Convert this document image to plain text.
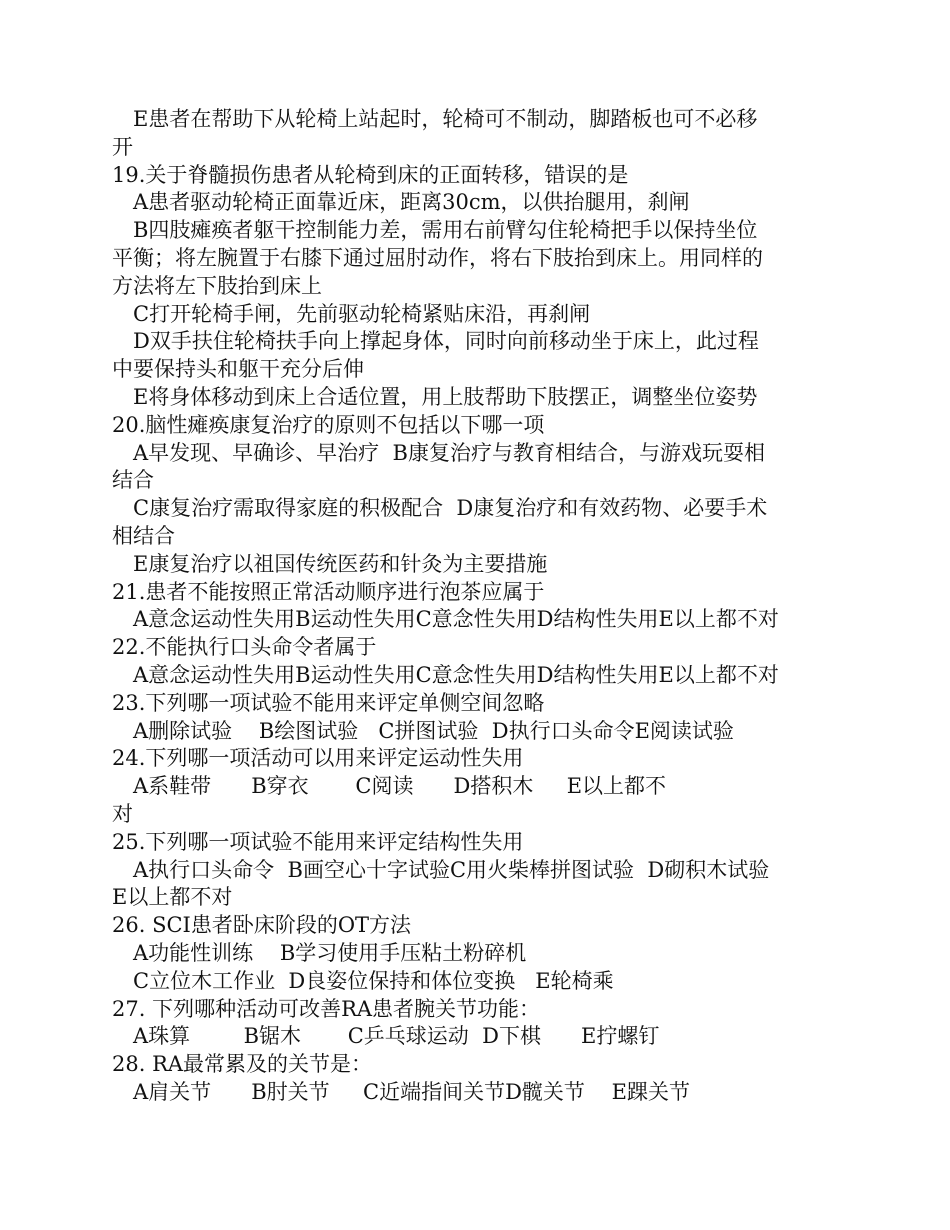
E患者在帮助下从轮椅上站起时，轮椅可不制动，脚踏板也可不必移
开
19.关于脊髓损伤患者从轮椅到床的正面转移，错误的是
A患者驱动轮椅正面靠近床，距离30cm，以供抬腿用，刹闸
B四肢瘫痪者躯干控制能力差，需用右前臂勾住轮椅把手以保持坐位
平衡；将左腕置于右膝下通过屈肘动作，将右下肢抬到床上。用同样的
方法将左下肢抬到床上
C打开轮椅手闸，先前驱动轮椅紧贴床沿，再刹闸
D双手扶住轮椅扶手向上撑起身体，同时向前移动坐于床上，此过程
中要保持头和躯干充分后伸
E将身体移动到床上合适位置，用上肢帮助下肢摆正，调整坐位姿势
20.脑性瘫痪康复治疗的原则不包括以下哪一项
A早发现、早确诊、早治疗  B康复治疗与教育相结合，与游戏玩耍相
结合
C康复治疗需取得家庭的积极配合  D康复治疗和有效药物、必要手术
相结合
E康复治疗以祖国传统医药和针灸为主要措施
21.患者不能按照正常活动顺序进行泡茶应属于
A意念运动性失用B运动性失用C意念性失用D结构性失用E以上都不对
22.不能执行口头命令者属于
A意念运动性失用B运动性失用C意念性失用D结构性失用E以上都不对
23.下列哪一项试验不能用来评定单侧空间忽略
A删除试验    B绘图试验   C拼图试验  D执行口头命令E阅读试验
24.下列哪一项活动可以用来评定运动性失用
A系鞋带      B穿衣       C阅读      D搭积木     E以上都不
对
25.下列哪一项试验不能用来评定结构性失用
A执行口头命令  B画空心十字试验C用火柴棒拼图试验  D砌积木试验
E以上都不对
26. SCI患者卧床阶段的OT方法
A功能性训练    B学习使用手压粘土粉碎机
C立位木工作业  D良姿位保持和体位变换   E轮椅乘
27. 下列哪种活动可改善RA患者腕关节功能：
A珠算        B锯木       C乒乓球运动  D下棋      E拧螺钉
28. RA最常累及的关节是：
A肩关节      B肘关节     C近端指间关节D髋关节    E踝关节
